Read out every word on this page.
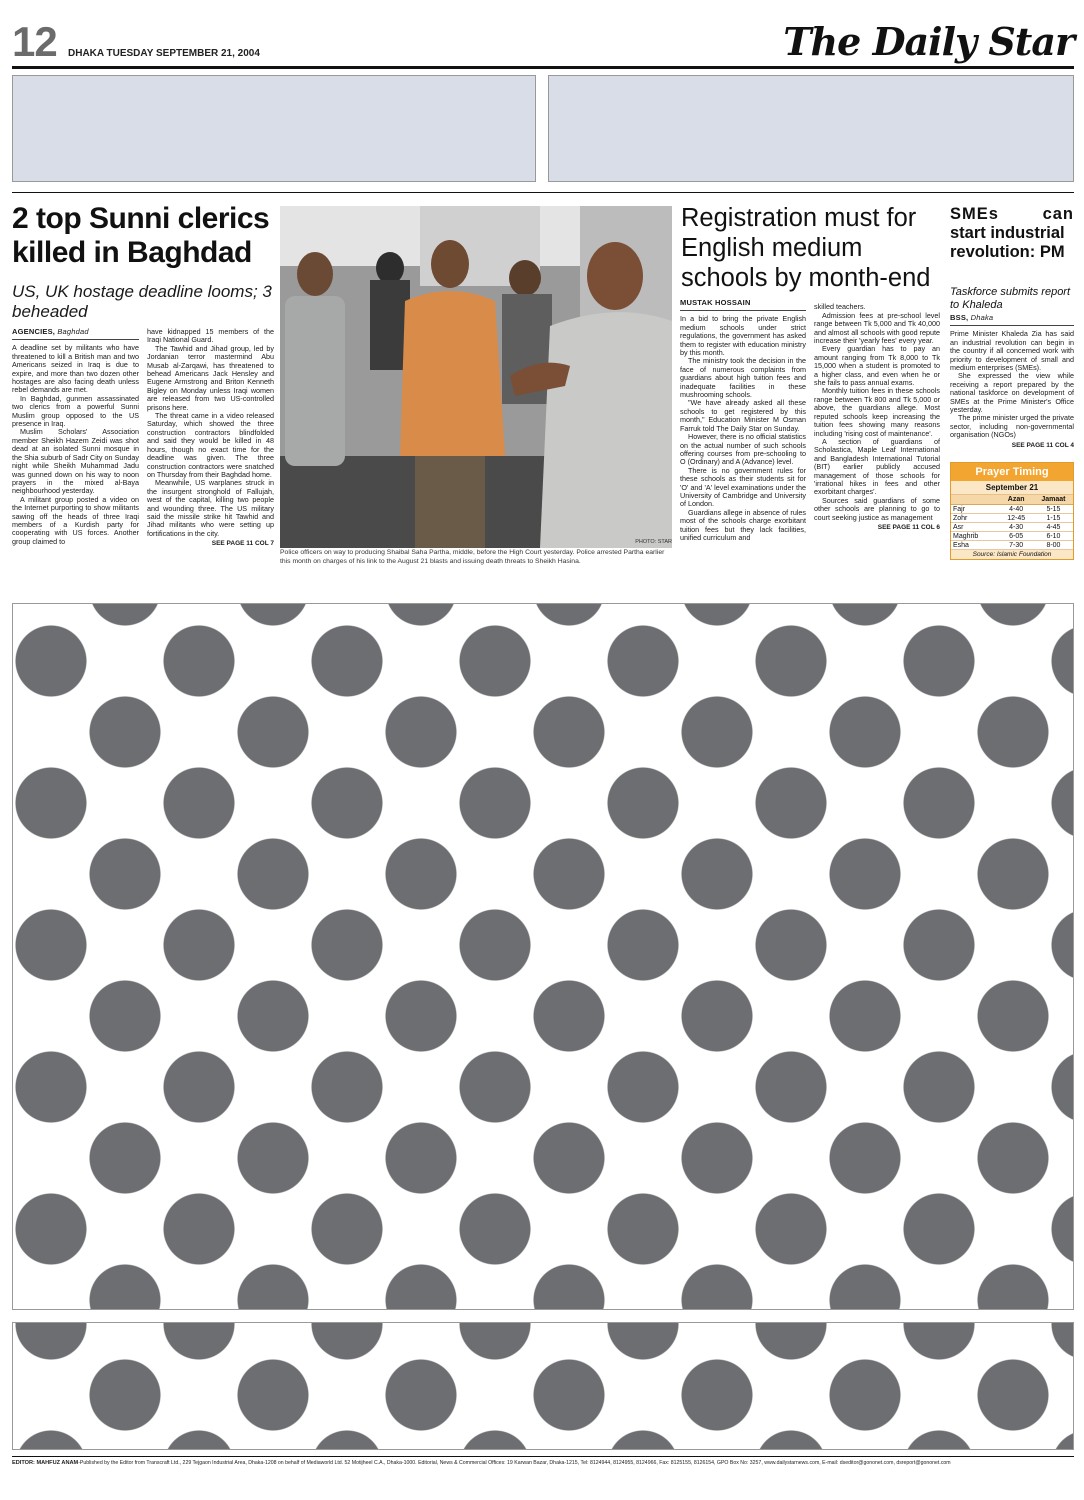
12 DHAKA TUESDAY SEPTEMBER 21, 2004	The Daily Star
2 top Sunni clerics killed in Baghdad
US, UK hostage deadline looms; 3 beheaded
AGENCIES, Baghdad

A deadline set by militants who have threatened to kill a British man and two Americans seized in Iraq is due to expire, and more than two dozen other hostages are also facing death unless rebel demands are met.

In Baghdad, gunmen assassinated two clerics from a powerful Sunni Muslim group opposed to the US presence in Iraq.

Muslim Scholars' Association member Sheikh Hazem Zeidi was shot dead at an isolated Sunni mosque in the Shia suburb of Sadr City on Sunday night while Sheikh Muhammad Jadu was gunned down on his way to noon prayers in the mixed al-Baya neighbourhood yesterday.

A militant group posted a video on the Internet purporting to show militants sawing off the heads of three Iraqi members of a Kurdish party for cooperating with US forces. Another group claimed to

have kidnapped 15 members of the Iraqi National Guard.

The Tawhid and Jihad group, led by Jordanian terror mastermind Abu Musab al-Zarqawi, has threatened to behead Americans Jack Hensley and Eugene Armstrong and Briton Kenneth Bigley on Monday unless Iraqi women are released from two US-controlled prisons here.

The threat came in a video released Saturday, which showed the three construction contractors blindfolded and said they would be killed in 48 hours, though no exact time for the deadline was given. The three construction contractors were snatched on Thursday from their Baghdad home.

Meanwhile, US warplanes struck in the insurgent stronghold of Fallujah, west of the capital, killing two people and wounding three. The US military said the missile strike hit Tawhid and Jihad militants who were setting up fortifications in the city.

SEE PAGE 11 COL 7	PHOTO: STAR
Police officers on way to producing Shaibal Saha Partha, middle, before the High Court yesterday. Police arrested Partha earlier this month on charges of his link to the August 21 blasts and issuing death threats to Sheikh Hasina.
Registration must for English medium schools by month-end
MUSTAK HOSSAIN

In a bid to bring the private English medium schools under strict regulations, the government has asked them to register with education ministry by this month.

The ministry took the decision in the face of numerous complaints from guardians about high tuition fees and inadequate facilities in these mushrooming schools.

"We have already asked all these schools to get registered by this month," Education Minister M Osman Farruk told The Daily Star on Sunday.

However, there is no official statistics on the actual number of such schools offering courses from pre-schooling to O (Ordinary) and A (Advance) level.

There is no government rules for these schools as their students sit for 'O' and 'A' level examinations under the University of Cambridge and University of London.

Guardians allege in absence of rules most of the schools charge exorbitant tuition fees but they lack facilities, unified curriculum and

skilled teachers.

Admission fees at pre-school level range between Tk 5,000 and Tk 40,000 and almost all schools with good repute increase their 'yearly fees' every year.

Every guardian has to pay an amount ranging from Tk 8,000 to Tk 15,000 when a student is promoted to a higher class, and even when he or she fails to pass annual exams.

Monthly tuition fees in these schools range between Tk 800 and Tk 5,000 or above, the guardians allege. Most reputed schools keep increasing the tuition fees showing many reasons including 'rising cost of maintenance'.

A section of guardians of Scholastica, Maple Leaf International and Bangladesh International Tutorial (BIT) earlier publicly accused management of those schools for 'irrational hikes in fees and other exorbitant charges'.

Sources said guardians of some other schools are planning to go to court seeking justice as management

SEE PAGE 11 COL 6
SMEs	can
start industrial revolution: PM
Taskforce submits report to Khaleda
BSS, Dhaka

Prime Minister Khaleda Zia has said an industrial revolution can begin in the country if all concerned work with priority to development of small and medium enterprises (SMEs).

She expressed the view while receiving a report prepared by the national taskforce on development of SMEs at the Prime Minister's Office yesterday.

The prime minister urged the private sector, including non-governmental organisation (NGOs)

SEE PAGE 11 COL 4
Prayer Timing
September 21
	Azan	Jamaat
Fajr	4-40	5-15
Zohr	12-45	1-15
Asr	4-30	4-45
Maghrib	6-05	6-10
Esha	7-30	8-00
Source: Islamic Foundation
EDITOR: MAHFUZ ANAM-Published by the Editor from Transcraft Ltd., 229 Tejgaon Industrial Area, Dhaka-1208 on behalf of Mediaworld Ltd. 52 Motijheel C.A., Dhaka-1000. Editorial, News & Commercial Offices: 19 Karwan Bazar, Dhaka-1215, Tel: 8124944, 8124955, 8124966, Fax: 8125155, 8126154, GPO Box No: 3257, www.dailystarnews.com, E-mail: dseditor@gononet.com, dsreport@gononet.com
